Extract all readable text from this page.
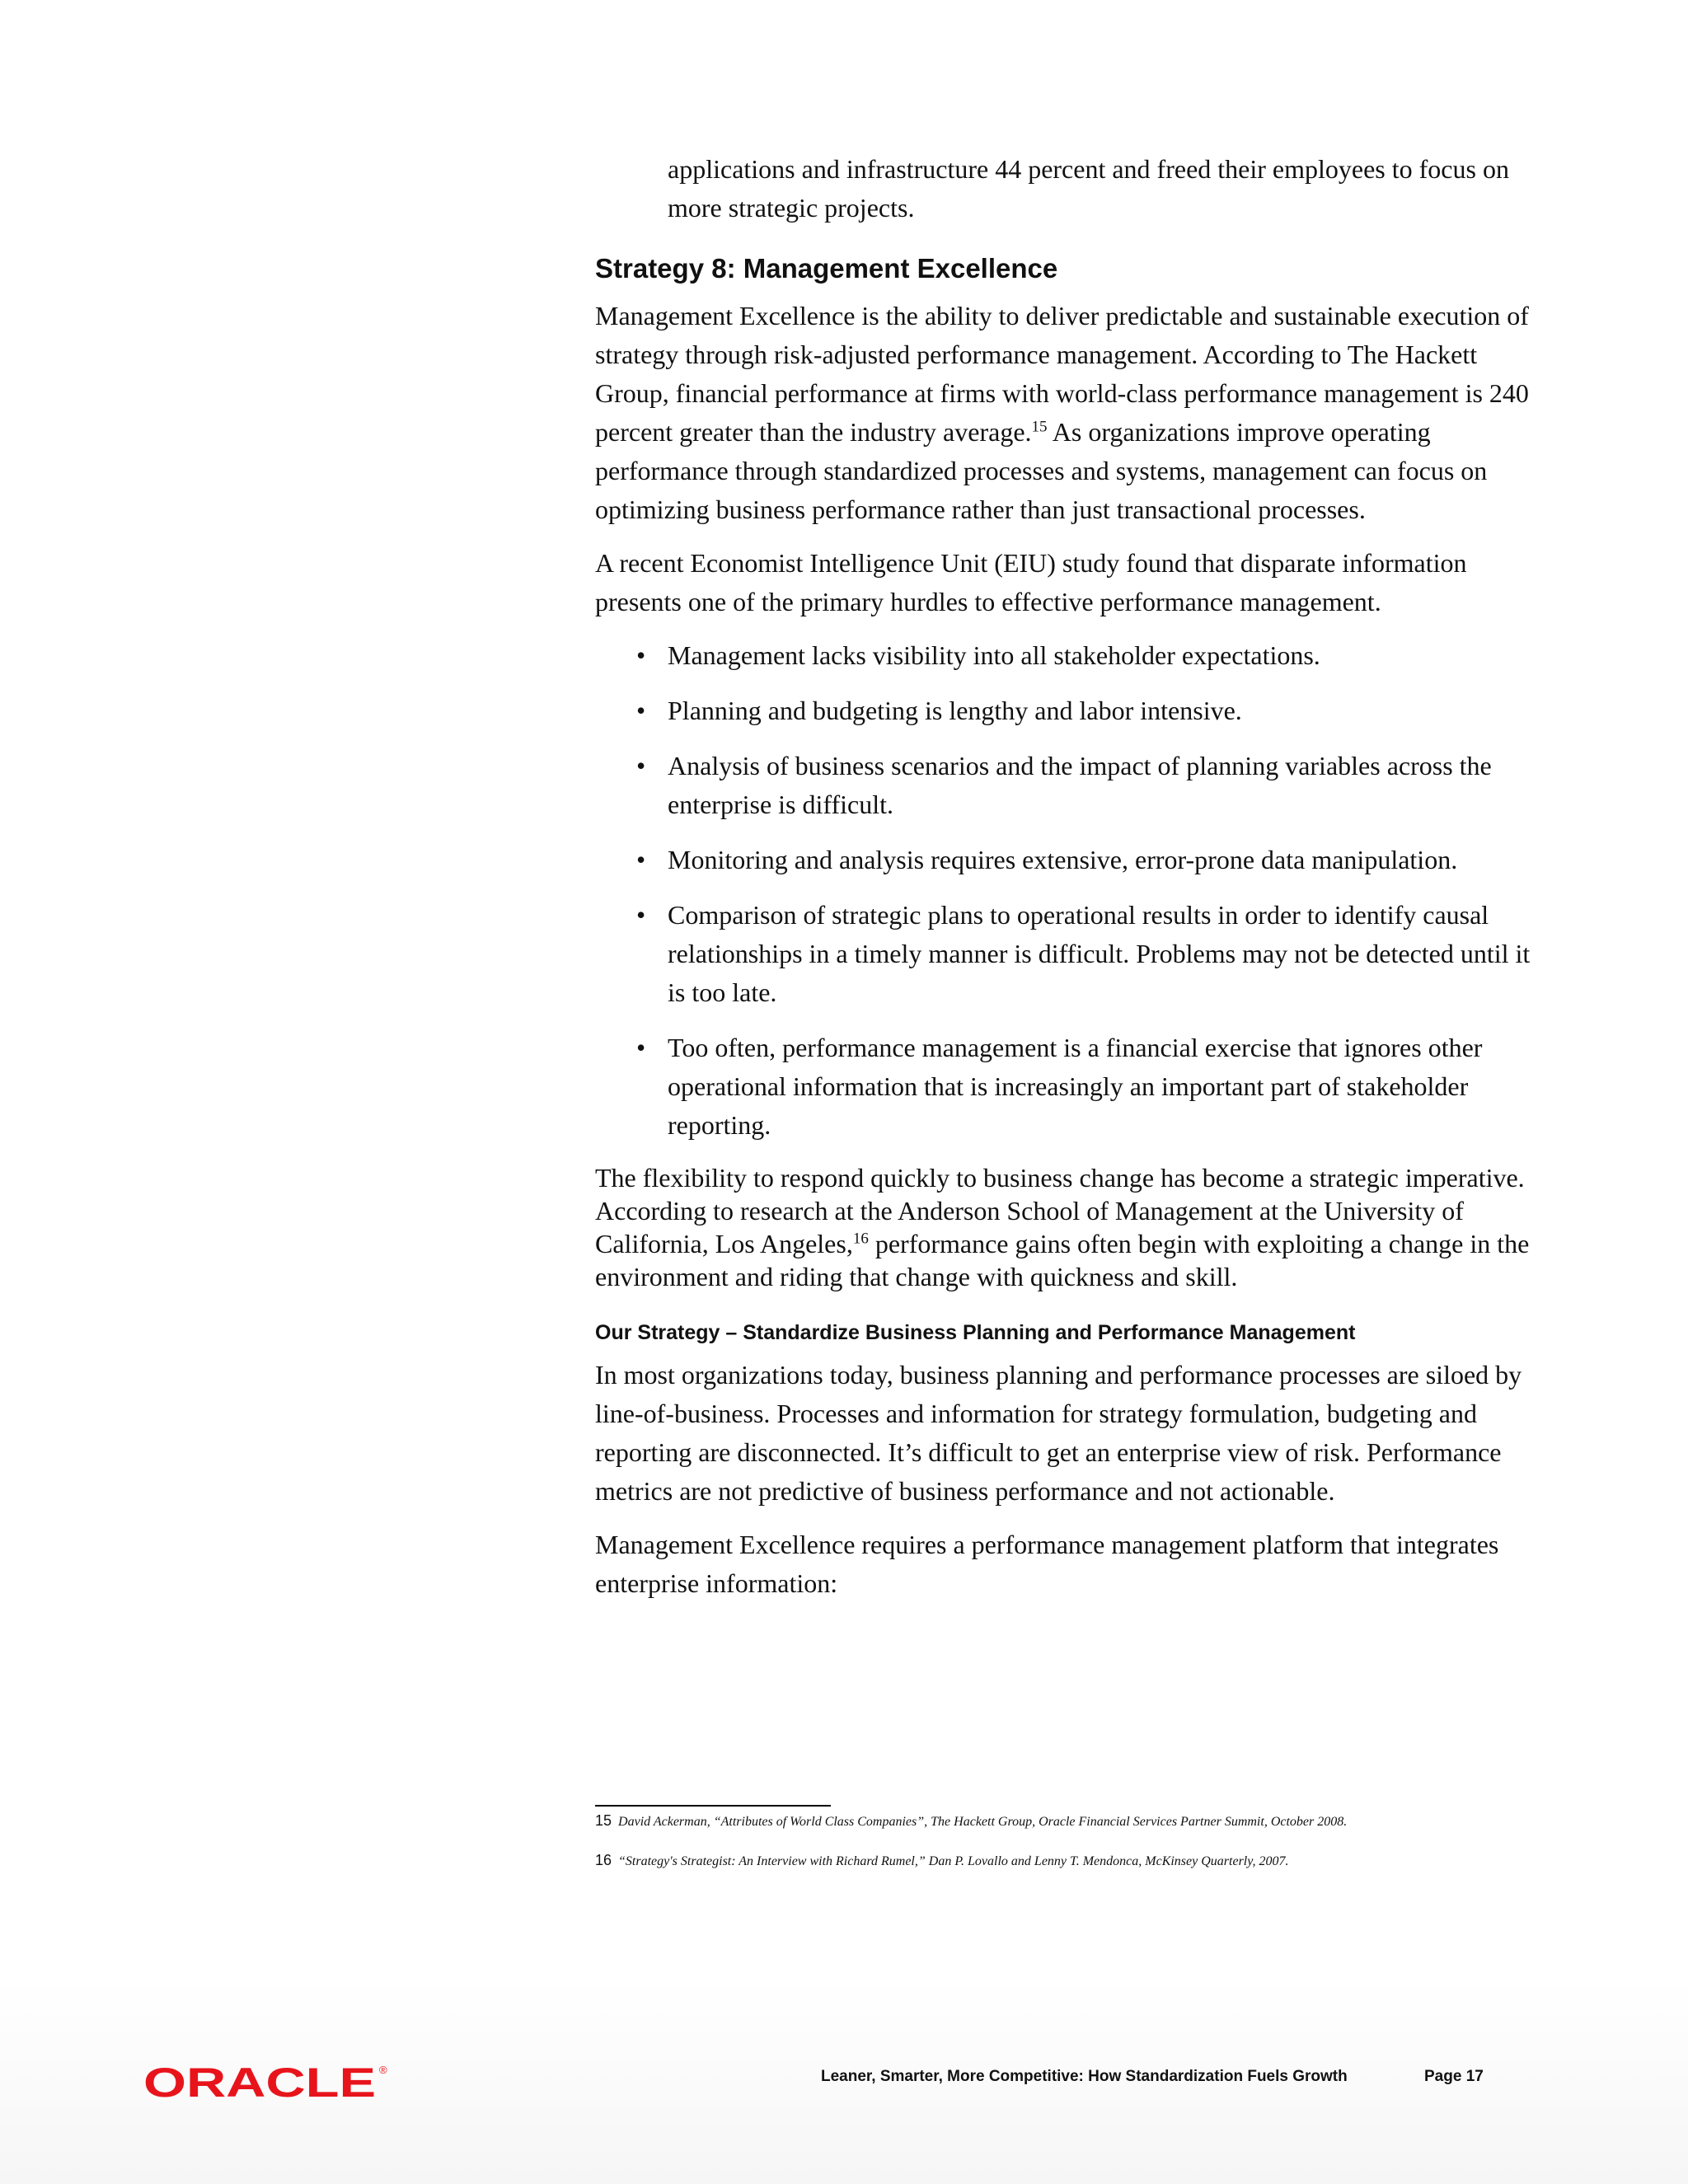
applications and infrastructure 44 percent and freed their employees to focus on more strategic projects.

Strategy 8: Management Excellence

Management Excellence is the ability to deliver predictable and sustainable execution of strategy through risk-adjusted performance management. According to The Hackett Group, financial performance at firms with world-class performance management is 240 percent greater than the industry average.$^{15}$ As organizations improve operating performance through standardized processes and systems, management can focus on optimizing business performance rather than just transactional processes.

A recent Economist Intelligence Unit (EIU) study found that disparate information presents one of the primary hurdles to effective performance management.

• Management lacks visibility into all stakeholder expectations.
• Planning and budgeting is lengthy and labor intensive.
• Analysis of business scenarios and the impact of planning variables across the enterprise is difficult.
• Monitoring and analysis requires extensive, error-prone data manipulation.
• Comparison of strategic plans to operational results in order to identify causal relationships in a timely manner is difficult. Problems may not be detected until it is too late.
• Too often, performance management is a financial exercise that ignores other operational information that is increasingly an important part of stakeholder reporting.

The flexibility to respond quickly to business change has become a strategic imperative. According to research at the Anderson School of Management at the University of California, Los Angeles,$^{16}$ performance gains often begin with exploiting a change in the environment and riding that change with quickness and skill.

Our Strategy – Standardize Business Planning and Performance Management

In most organizations today, business planning and performance processes are siloed by line-of-business. Processes and information for strategy formulation, budgeting and reporting are disconnected. It’s difficult to get an enterprise view of risk. Performance metrics are not predictive of business performance and not actionable.

Management Excellence requires a performance management platform that integrates enterprise information:

15 David Ackerman, “Attributes of World Class Companies”, The Hackett Group, Oracle Financial Services Partner Summit, October 2008.
16 “Strategy's Strategist: An Interview with Richard Rumel,” Dan P. Lovallo and Lenny T. Mendonca, McKinsey Quarterly, 2007.
ORACLE ®	Leaner, Smarter, More Competitive: How Standardization Fuels Growth	Page 17
